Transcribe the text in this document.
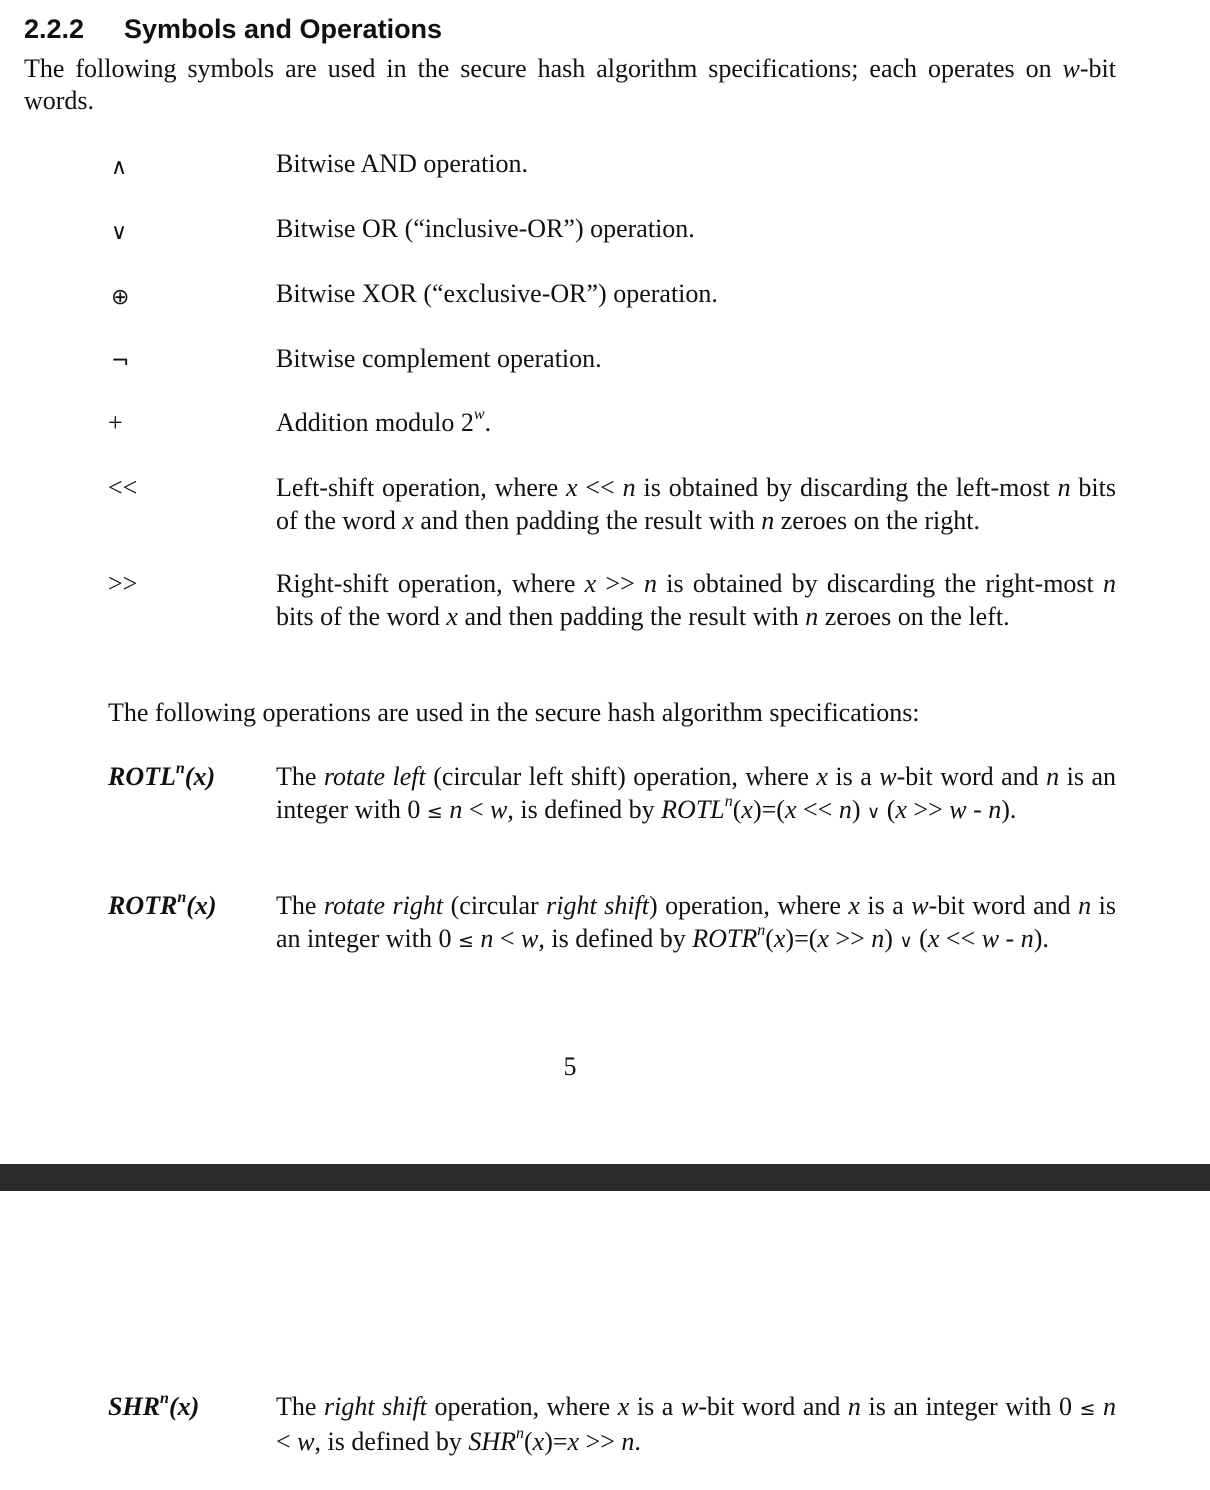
2.2.2 Symbols and Operations

The following symbols are used in the secure hash algorithm specifications; each operates on w-bit words.

∧	Bitwise AND operation.

∨	Bitwise OR (“inclusive-OR”) operation.

⊕	Bitwise XOR (“exclusive-OR”) operation.

¬	Bitwise complement operation.

+	Addition modulo 2$^w$.

<<	Left-shift operation, where x << n is obtained by discarding the left-most n bits of the word x and then padding the result with n zeroes on the right.

>>	Right-shift operation, where x >> n is obtained by discarding the right-most n bits of the word x and then padding the result with n zeroes on the left.

The following operations are used in the secure hash algorithm specifications:

ROTL$^n$(x) The rotate left (circular left shift) operation, where x is a w-bit word and n is an integer with 0 ≤ n < w, is defined by $ROTL^n(x)=(x << n)$ ∨ (x >> w - n).

ROTR$^n$(x) The rotate right (circular right shift) operation, where x is a w-bit word and n is an integer with 0 ≤ n < w, is defined by $ROTR^n(x)=(x >> n)$ ∨ (x << w - n).

5
SHR$^n$(x)	The right shift operation, where x is a w-bit word and n is an integer with 0 ≤ n < w, is defined by $SHR^n(x)=x >> n$.
